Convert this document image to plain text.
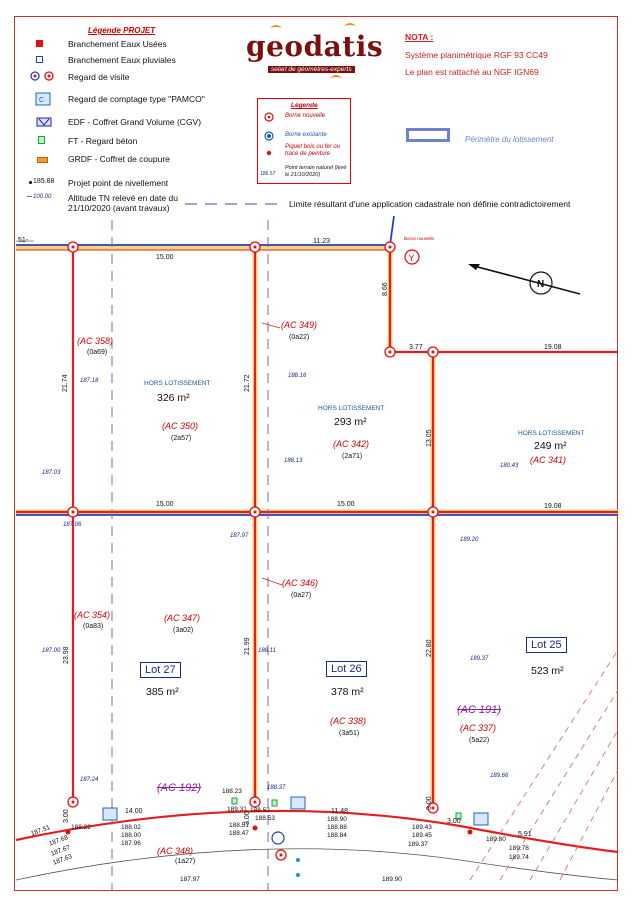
Légende PROJET
Branchement Eaux Usées
Branchement Eaux pluviales
Regard de visite
C	Regard de comptage type "PAMCO"
EDF - Coffret Grand Volume (CGV)
FT - Regard béton
GRDF - Coffret de coupure
185.88 Projet point de nivellement
100.00 Altitude TN relevé en date du 21/10/2020 (avant travaux)
geodatis
selarl de géomètres-experts
NOTA :
Système planimétrique RGF 93 CC49
Le plan est rattaché au NGF IGN69
Légende
Borne nouvelle
Borne existante
Piquet bois ou fer ou trace de peinture
186.57
Point terrain naturel (levé le 21/10/2020)
Périmètre du lotissement
Limite résultant d'une application cadastrale non définie contradictoirement
Y
N
Borne nouvelle
51-
15.00
11.23
8.66
3.77	19.08
21.74	21.72
13.05
15.00	15.00	19.08
23.98
21.99	22.80
3.00	3.00
3.00
14.00	11.48
3.00
5.91
(AC 358)
(0a69)
(AC 349)
(0a22)
HORS LOTISSEMENT
326 m²
(AC 350)
(2a57)
HORS LOTISSEMENT
293 m²
(AC 342)
(2a71)
HORS LOTISSEMENT
249 m²
(AC 341)
(AC 346)
(0a27)
(AC 354)
(0a83)
(AC 347)
(3a02)
Lot 27
385 m²
Lot 26
378 m²
(AC 338)
(3a51)
Lot 25
523 m²
(AC 191)
(AC 337)
(5a22)
(AC 192)
(AC 348)
(1a27)
187.18
188.16
187.03
188.13
180.43
187.06
187.97
189.20
187.00	188.11
189.37
187.24
188.37
189.66
188.23
188.53
189.31
188.02
188.00
187.96
188.51
188.47
188.90
188.88
188.84
189.43
189.45
189.37
189.80
189.78
189.74
187.68
187.67
187.63
187.51
187.97
188.22
188.52
189.90
